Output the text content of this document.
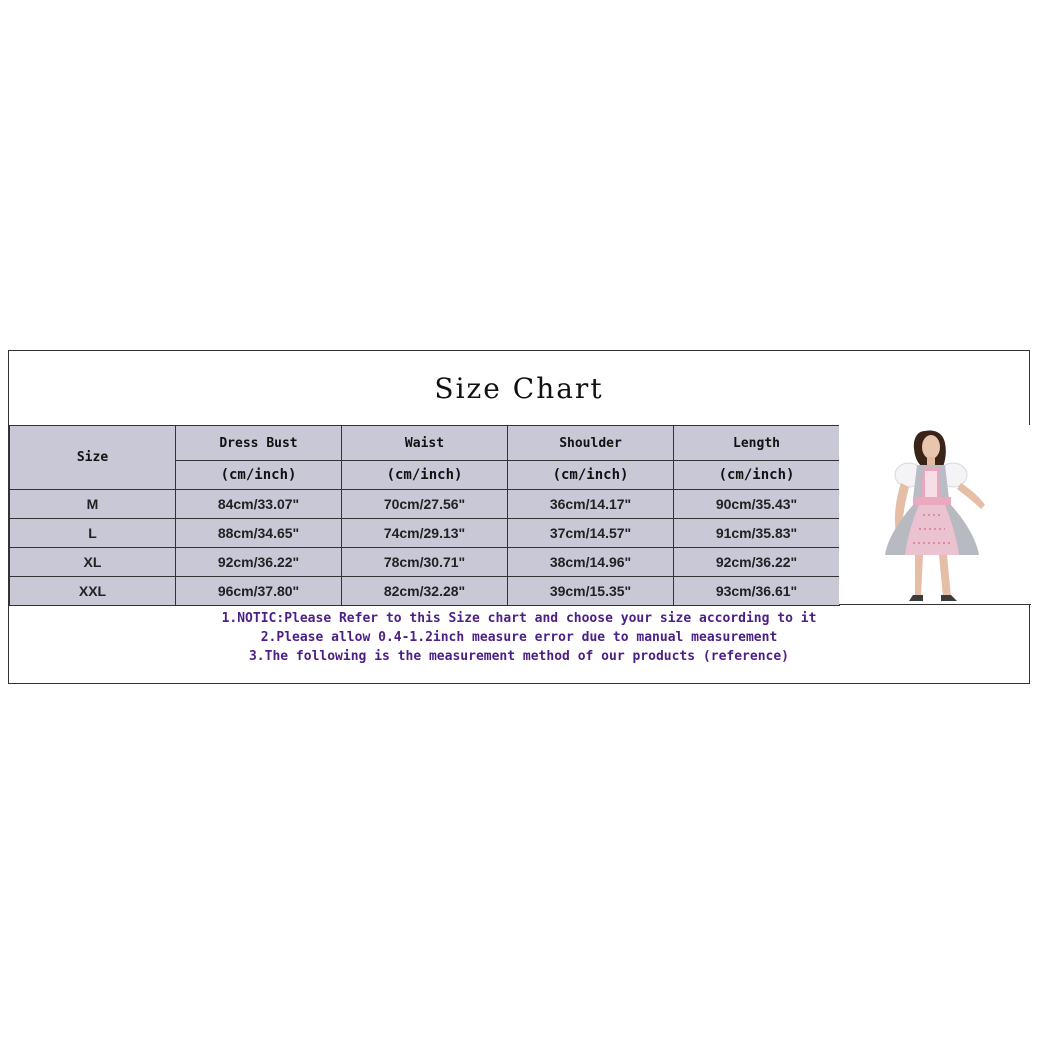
Size Chart
Size	Dress Bust	Waist	Shoulder	Length
	(cm/inch)	(cm/inch)	(cm/inch)	(cm/inch)
M	84cm/33.07"	70cm/27.56"	36cm/14.17"	90cm/35.43"
L	88cm/34.65"	74cm/29.13"	37cm/14.57"	91cm/35.83"
XL	92cm/36.22"	78cm/30.71"	38cm/14.96"	92cm/36.22"
XXL	96cm/37.80"	82cm/32.28"	39cm/15.35"	93cm/36.61"
1.NOTIC:Please Refer to this Size chart and choose your size according to it
2.Please allow 0.4-1.2inch measure error due to manual measurement
3.The following is the measurement method of our products (reference)
